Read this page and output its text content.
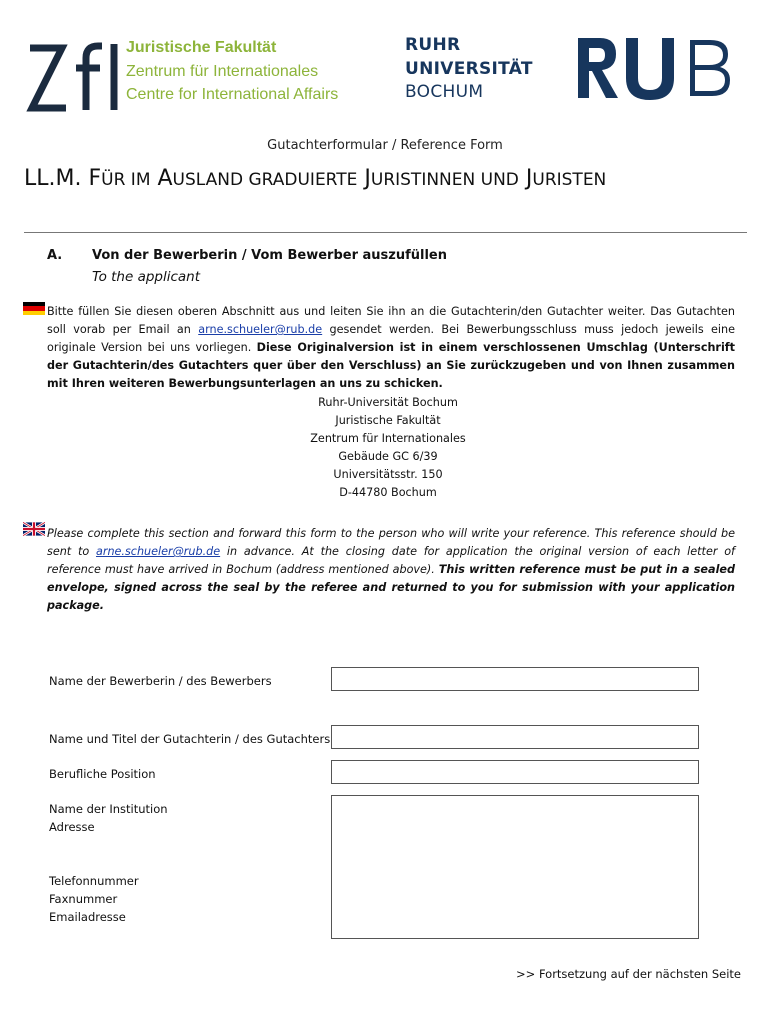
Juristische Fakultät
Zentrum für Internationales
Centre for International Affairs
RUHR
UNIVERSITÄT
BOCHUM
Gutachterformular / Reference Form
LL.M. FÜR IM AUSLAND GRADUIERTE JURISTINNEN UND JURISTEN
A. Von der Bewerberin / Vom Bewerber auszufüllen
To the applicant
Bitte füllen Sie diesen oberen Abschnitt aus und leiten Sie ihn an die Gutachterin/den Gutachter weiter. Das Gutachten soll vorab per Email an arne.schueler@rub.de gesendet werden. Bei Bewerbungsschluss muss jedoch jeweils eine originale Version bei uns vorliegen. Diese Originalversion ist in einem verschlossenen Umschlag (Unterschrift der Gutachterin/des Gutachters quer über den Verschluss) an Sie zurückzugeben und von Ihnen zusammen mit Ihren weiteren Bewerbungsunterlagen an uns zu schicken.
Ruhr-Universität Bochum
Juristische Fakultät
Zentrum für Internationales
Gebäude GC 6/39
Universitätsstr. 150
D-44780 Bochum
Please complete this section and forward this form to the person who will write your reference. This reference should be sent to arne.schueler@rub.de in advance. At the closing date for application the original version of each letter of reference must have arrived in Bochum (address mentioned above). This written reference must be put in a sealed envelope, signed across the seal by the referee and returned to you for submission with your application package.
Name der Bewerberin / des Bewerbers
Name und Titel der Gutachterin / des Gutachters
Berufliche Position
Name der Institution
Adresse
Telefonnummer
Faxnummer
Emailadresse
>> Fortsetzung auf der nächsten Seite
